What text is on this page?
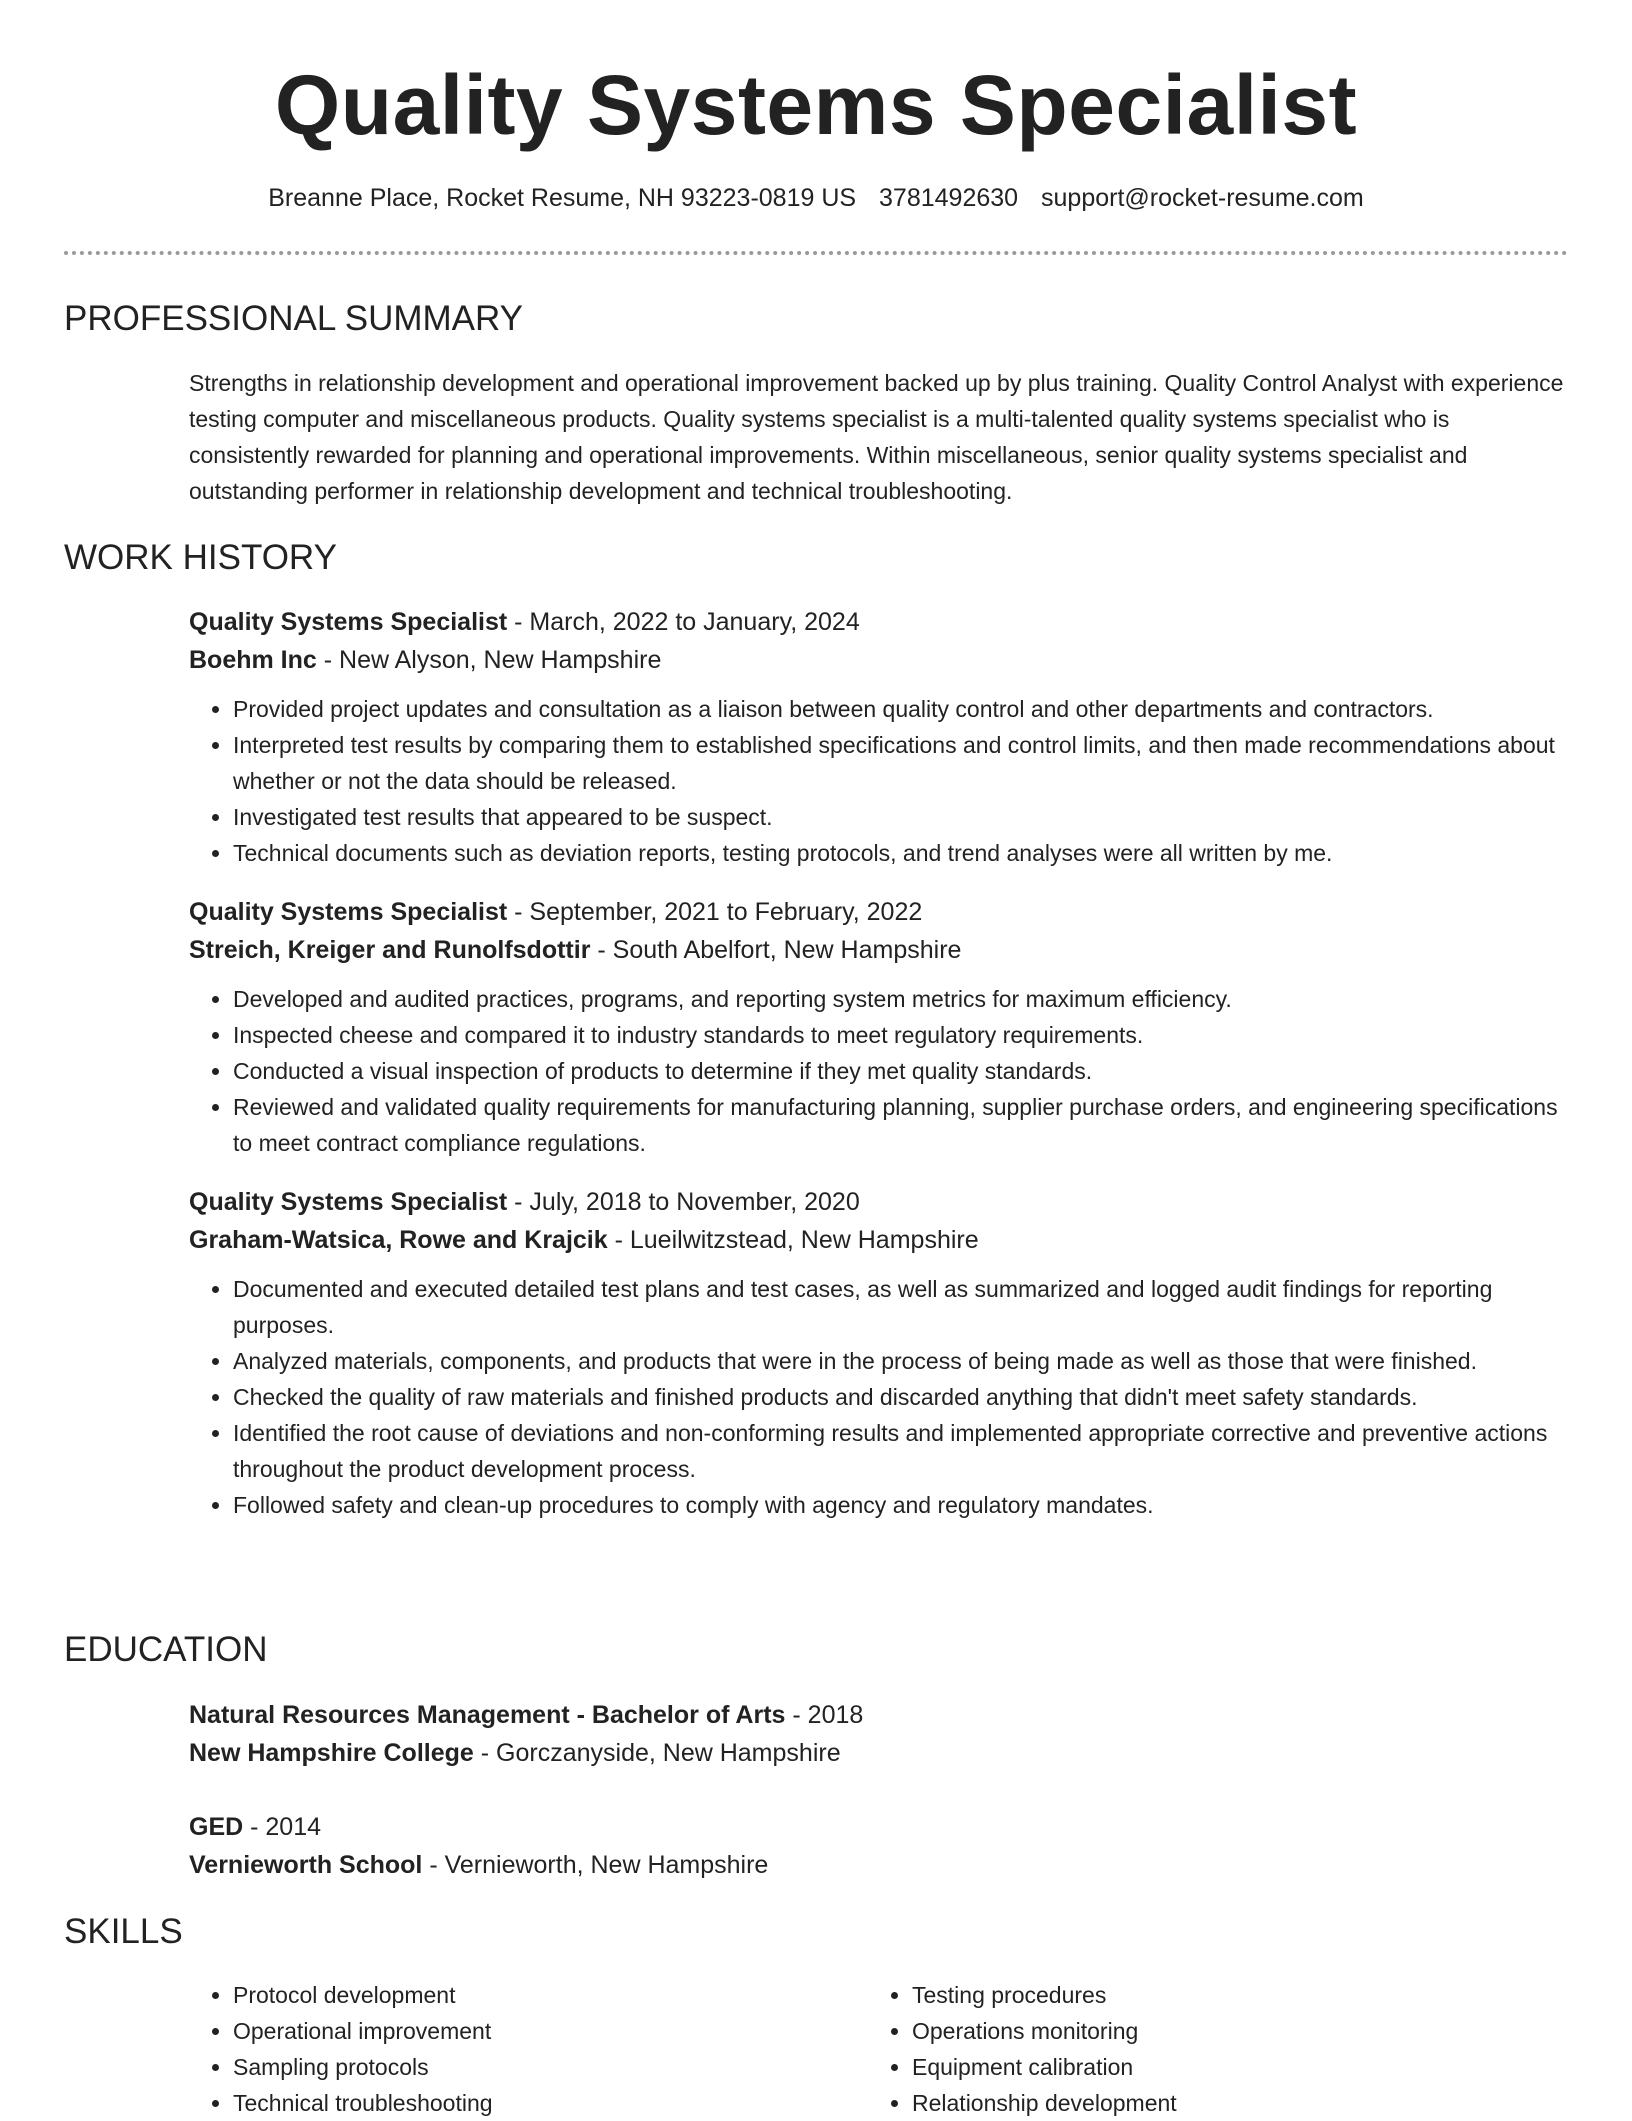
Quality Systems Specialist
Breanne Place, Rocket Resume, NH 93223-0819 US 3781492630 support@rocket-resume.com
PROFESSIONAL SUMMARY

Strengths in relationship development and operational improvement backed up by plus training. Quality Control Analyst with experience testing computer and miscellaneous products. Quality systems specialist is a multi-talented quality systems specialist who is consistently rewarded for planning and operational improvements. Within miscellaneous, senior quality systems specialist and outstanding performer in relationship development and technical troubleshooting.

WORK HISTORY

Quality Systems Specialist - March, 2022 to January, 2024

Boehm Inc - New Alyson, New Hampshire

• Provided project updates and consultation as a liaison between quality control and other departments and contractors.
• Interpreted test results by comparing them to established specifications and control limits, and then made recommendations about whether or not the data should be released.
• Investigated test results that appeared to be suspect.
• Technical documents such as deviation reports, testing protocols, and trend analyses were all written by me.

Quality Systems Specialist - September, 2021 to February, 2022

Streich, Kreiger and Runolfsdottir - South Abelfort, New Hampshire

• Developed and audited practices, programs, and reporting system metrics for maximum efficiency.
• Inspected cheese and compared it to industry standards to meet regulatory requirements.
• Conducted a visual inspection of products to determine if they met quality standards.
• Reviewed and validated quality requirements for manufacturing planning, supplier purchase orders, and engineering specifications to meet contract compliance regulations.

Quality Systems Specialist - July, 2018 to November, 2020

Graham-Watsica, Rowe and Krajcik - Lueilwitzstead, New Hampshire

• Documented and executed detailed test plans and test cases, as well as summarized and logged audit findings for reporting purposes.
• Analyzed materials, components, and products that were in the process of being made as well as those that were finished.
• Checked the quality of raw materials and finished products and discarded anything that didn't meet safety standards.
• Identified the root cause of deviations and non-conforming results and implemented appropriate corrective and preventive actions throughout the product development process.
• Followed safety and clean-up procedures to comply with agency and regulatory mandates.
EDUCATION

Natural Resources Management - Bachelor of Arts - 2018

New Hampshire College - Gorczanyside, New Hampshire

GED - 2014

Vernieworth School - Vernieworth, New Hampshire

SKILLS
• Protocol development
• Operational improvement
• Sampling protocols
• Technical troubleshooting
• Testing procedures
• Operations monitoring
• Equipment calibration
• Relationship development
